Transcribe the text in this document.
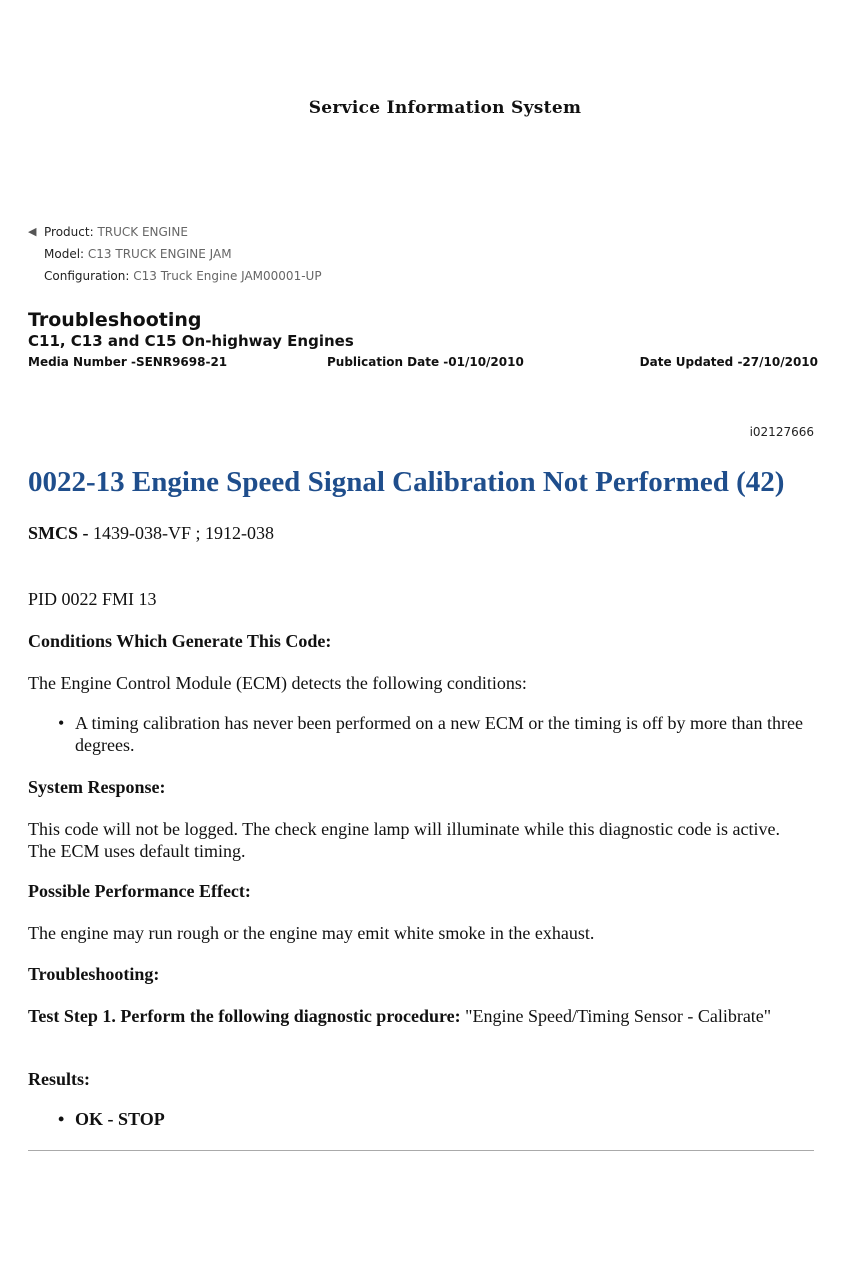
Service Information System
◀ Product: TRUCK ENGINE
Model: C13 TRUCK ENGINE JAM
Configuration: C13 Truck Engine JAM00001-UP
Troubleshooting
C11, C13 and C15 On-highway Engines
Media Number -SENR9698-21	Publication Date -01/10/2010	Date Updated -27/10/2010
i02127666
0022-13 Engine Speed Signal Calibration Not Performed (42)

SMCS - 1439-038-VF ; 1912-038

PID 0022 FMI 13

Conditions Which Generate This Code:

The Engine Control Module (ECM) detects the following conditions:

• A timing calibration has never been performed on a new ECM or the timing is off by more than three degrees.

System Response:

This code will not be logged. The check engine lamp will illuminate while this diagnostic code is active. The ECM uses default timing.

Possible Performance Effect:

The engine may run rough or the engine may emit white smoke in the exhaust.

Troubleshooting:

Test Step 1. Perform the following diagnostic procedure: "Engine Speed/Timing Sensor - Calibrate"

Results:

• OK - STOP
